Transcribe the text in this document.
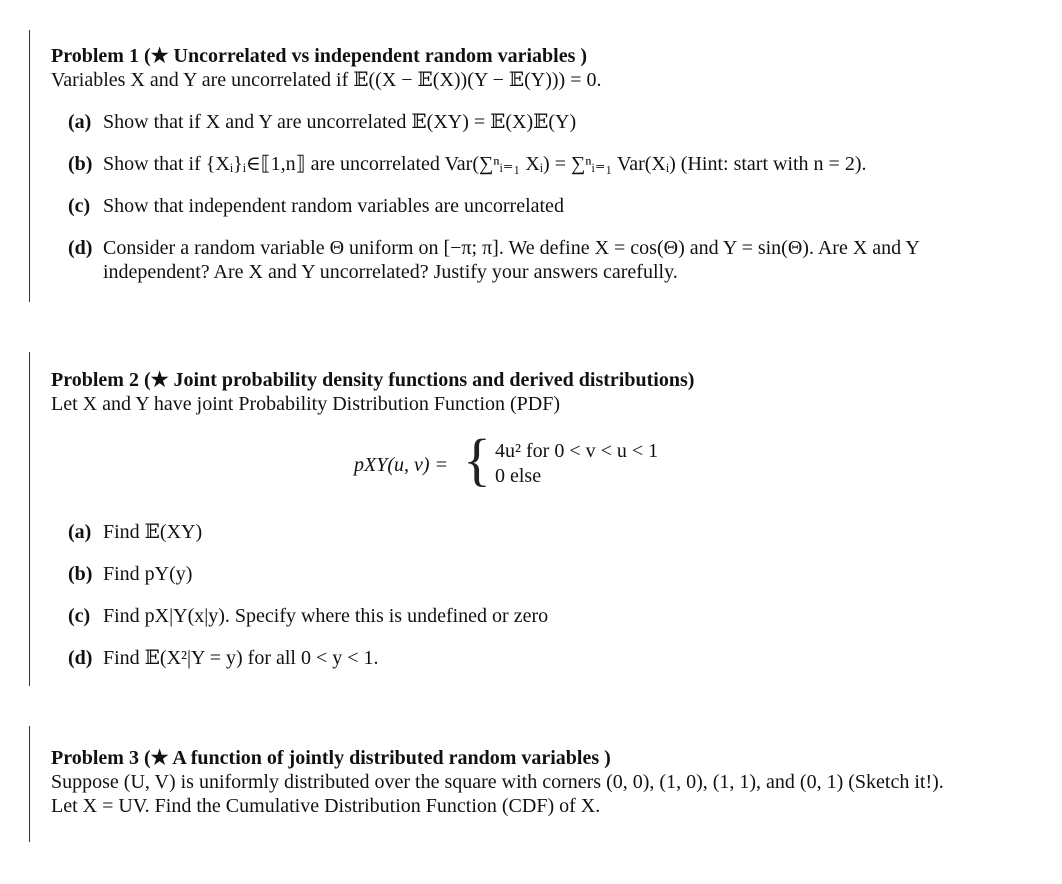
Problem 1 (★ Uncorrelated vs independent random variables )
Variables X and Y are uncorrelated if 𝔼((X − 𝔼(X))(Y − 𝔼(Y))) = 0.
(a) Show that if X and Y are uncorrelated 𝔼(XY) = 𝔼(X)𝔼(Y)
(b) Show that if {Xᵢ}ᵢ∈⟦1,n⟧ are uncorrelated Var(∑ⁿᵢ₌₁ Xᵢ) = ∑ⁿᵢ₌₁ Var(Xᵢ) (Hint: start with n = 2).
(c) Show that independent random variables are uncorrelated
(d) Consider a random variable Θ uniform on [−π; π]. We define X = cos(Θ) and Y = sin(Θ). Are X and Y independent? Are X and Y uncorrelated? Justify your answers carefully.
Problem 2 (★ Joint probability density functions and derived distributions)
Let X and Y have joint Probability Distribution Function (PDF)
pXY(u, v) = { 4u² for 0 < v < u < 1
0 else
(a) Find 𝔼(XY)
(b) Find pY(y)
(c) Find pX|Y(x|y). Specify where this is undefined or zero
(d) Find 𝔼(X²|Y = y) for all 0 < y < 1.
Problem 3 (★ A function of jointly distributed random variables )
Suppose (U, V) is uniformly distributed over the square with corners (0, 0), (1, 0), (1, 1), and (0, 1) (Sketch it!).
Let X = UV. Find the Cumulative Distribution Function (CDF) of X.
